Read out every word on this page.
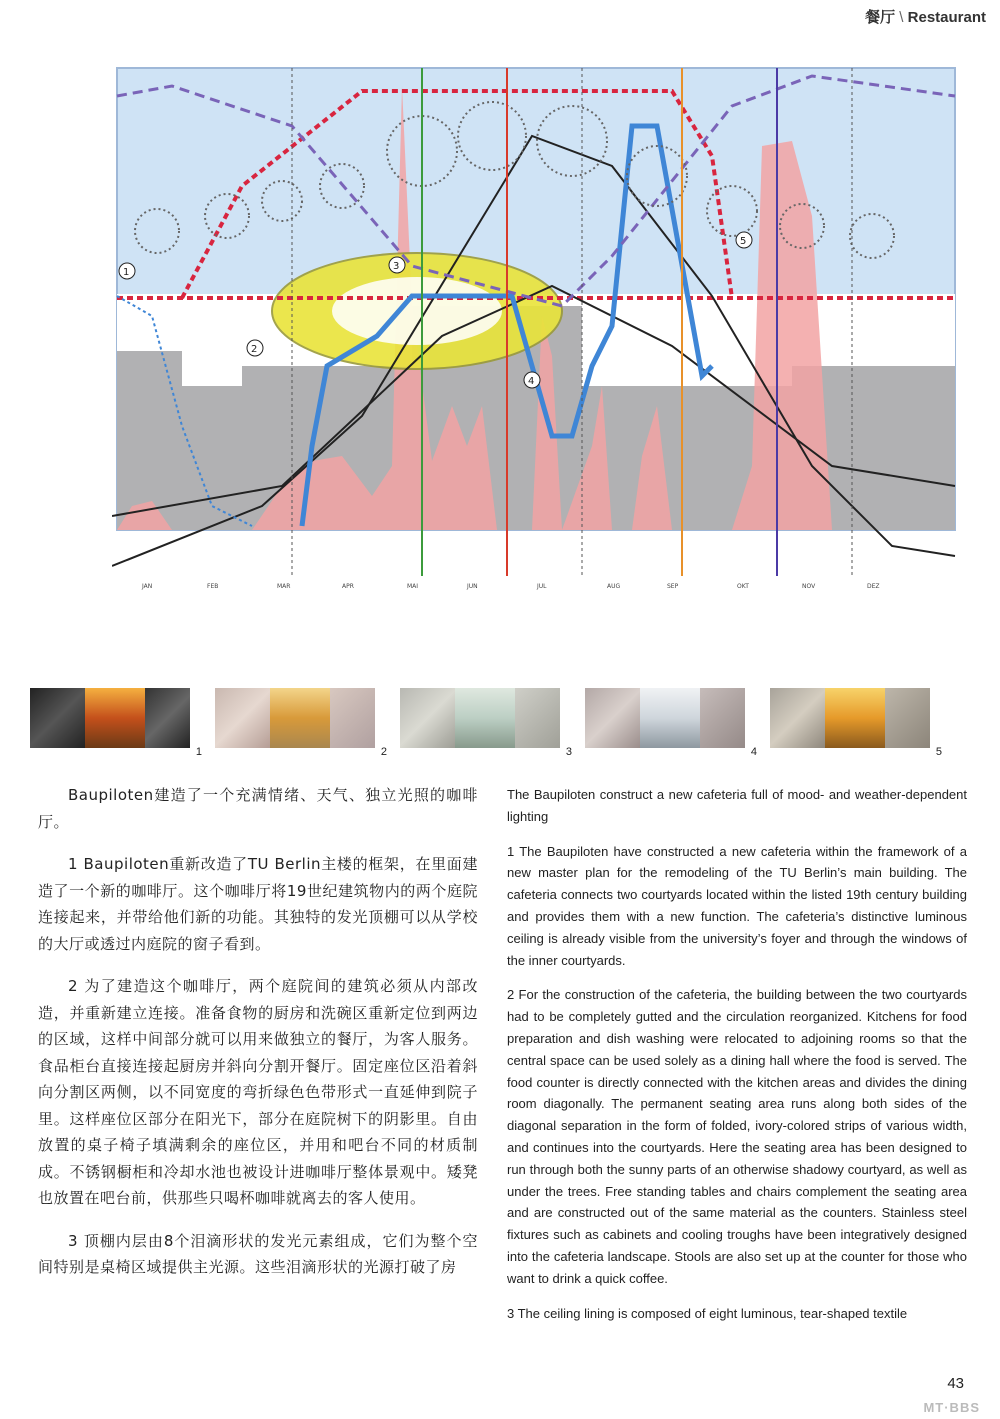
餐厅 \ Restaurant
JAN	FEB	MAR	APR	MAI	JUN	JUL	AUG	SEP	OKT	NOV	DEZ
1
2
3
4
5
1	2	3	4	5

Baupiloten建造了一个充满情绪、天气、独立光照的咖啡厅。

1 Baupiloten重新改造了TU Berlin主楼的框架，在里面建造了一个新的咖啡厅。这个咖啡厅将19世纪建筑物内的两个庭院连接起来，并带给他们新的功能。其独特的发光顶棚可以从学校的大厅或透过内庭院的窗子看到。

2 为了建造这个咖啡厅，两个庭院间的建筑必须从内部改造，并重新建立连接。准备食物的厨房和洗碗区重新定位到两边的区域，这样中间部分就可以用来做独立的餐厅，为客人服务。食品柜台直接连接起厨房并斜向分割开餐厅。固定座位区沿着斜向分割区两侧，以不同宽度的弯折绿色色带形式一直延伸到院子里。这样座位区部分在阳光下，部分在庭院树下的阴影里。自由放置的桌子椅子填满剩余的座位区，并用和吧台不同的材质制成。不锈钢橱柜和冷却水池也被设计进咖啡厅整体景观中。矮凳也放置在吧台前，供那些只喝杯咖啡就离去的客人使用。

3 顶棚内层由8个泪滴形状的发光元素组成，它们为整个空间特别是桌椅区域提供主光源。这些泪滴形状的光源打破了房

The Baupiloten construct a new cafeteria full of mood- and weather-dependent lighting

1 The Baupiloten have constructed a new cafeteria within the framework of a new master plan for the remodeling of the TU Berlin’s main building. The cafeteria connects two courtyards located within the listed 19th century building and provides them with a new function. The cafeteria’s distinctive luminous ceiling is already visible from the university’s foyer and through the windows of the inner courtyards.

2 For the construction of the cafeteria, the building between the two courtyards had to be completely gutted and the circulation reorganized. Kitchens for food preparation and dish washing were relocated to adjoining rooms so that the central space can be used solely as a dining hall where the food is served. The food counter is directly connected with the kitchen areas and divides the dining room diagonally. The permanent seating area runs along both sides of the diagonal separation in the form of folded, ivory-colored strips of various width, and continues into the courtyards. Here the seating area has been designed to run through both the sunny parts of an otherwise shadowy courtyard, as well as under the trees. Free standing tables and chairs complement the seating area and are constructed out of the same material as the counters. Stainless steel fixtures such as cabinets and cooling troughs have been integratively designed into the cafeteria landscape. Stools are also set up at the counter for those who want to drink a quick coffee.

3 The ceiling lining is composed of eight luminous, tear-shaped textile

43
MT·BBS
